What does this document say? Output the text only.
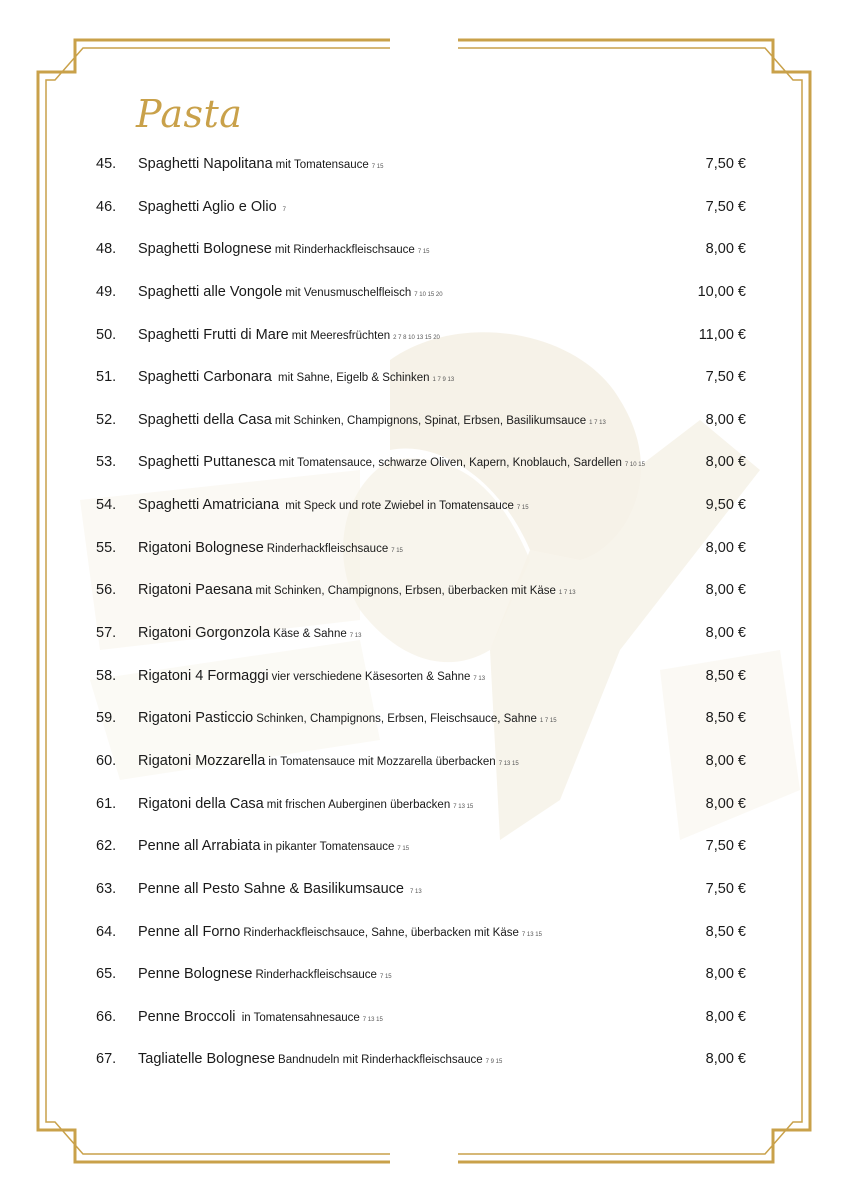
Pasta
45.	Spaghetti Napolitana mit Tomatensauce 7 15	7,50 €
46.	Spaghetti Aglio e Olio 7	7,50 €
48.	Spaghetti Bolognese mit Rinderhackfleischsauce 7 15	8,00 €
49.	Spaghetti alle Vongole mit Venusmuschelfleisch 7 10 15 20	10,00 €
50.	Spaghetti Frutti di Mare mit Meeresfrüchten 2 7 8 10 13 15 20	11,00 €
51.	Spaghetti Carbonara mit Sahne, Eigelb & Schinken 1 7 9 13	7,50 €
52.	Spaghetti della Casa mit Schinken, Champignons, Spinat, Erbsen, Basilikumsauce 1 7 13	8,00 €
53.	Spaghetti Puttanesca mit Tomatensauce, schwarze Oliven, Kapern, Knoblauch, Sardellen 7 10 15	8,00 €
54.	Spaghetti Amatriciana mit Speck und rote Zwiebel in Tomatensauce 7 15	9,50 €
55.	Rigatoni Bolognese Rinderhackfleischsauce 7 15	8,00 €
56.	Rigatoni Paesana mit Schinken, Champignons, Erbsen, überbacken mit Käse 1 7 13	8,00 €
57.	Rigatoni Gorgonzola Käse & Sahne 7 13	8,00 €
58.	Rigatoni 4 Formaggi vier verschiedene Käsesorten & Sahne 7 13	8,50 €
59.	Rigatoni Pasticcio Schinken, Champignons, Erbsen, Fleischsauce, Sahne 1 7 15	8,50 €
60.	Rigatoni Mozzarella in Tomatensauce mit Mozzarella überbacken 7 13 15	8,00 €
61.	Rigatoni della Casa mit frischen Auberginen überbacken 7 13 15	8,00 €
62.	Penne all Arrabiata in pikanter Tomatensauce 7 15	7,50 €
63.	Penne all Pesto Sahne & Basilikumsauce 7 13	7,50 €
64.	Penne all Forno Rinderhackfleischsauce, Sahne, überbacken mit Käse 7 13 15	8,50 €
65.	Penne Bolognese Rinderhackfleischsauce 7 15	8,00 €
66.	Penne Broccoli in Tomatensahnesauce 7 13 15	8,00 €
67.	Tagliatelle Bolognese Bandnudeln mit Rinderhackfleischsauce 7 9 15	8,00 €
